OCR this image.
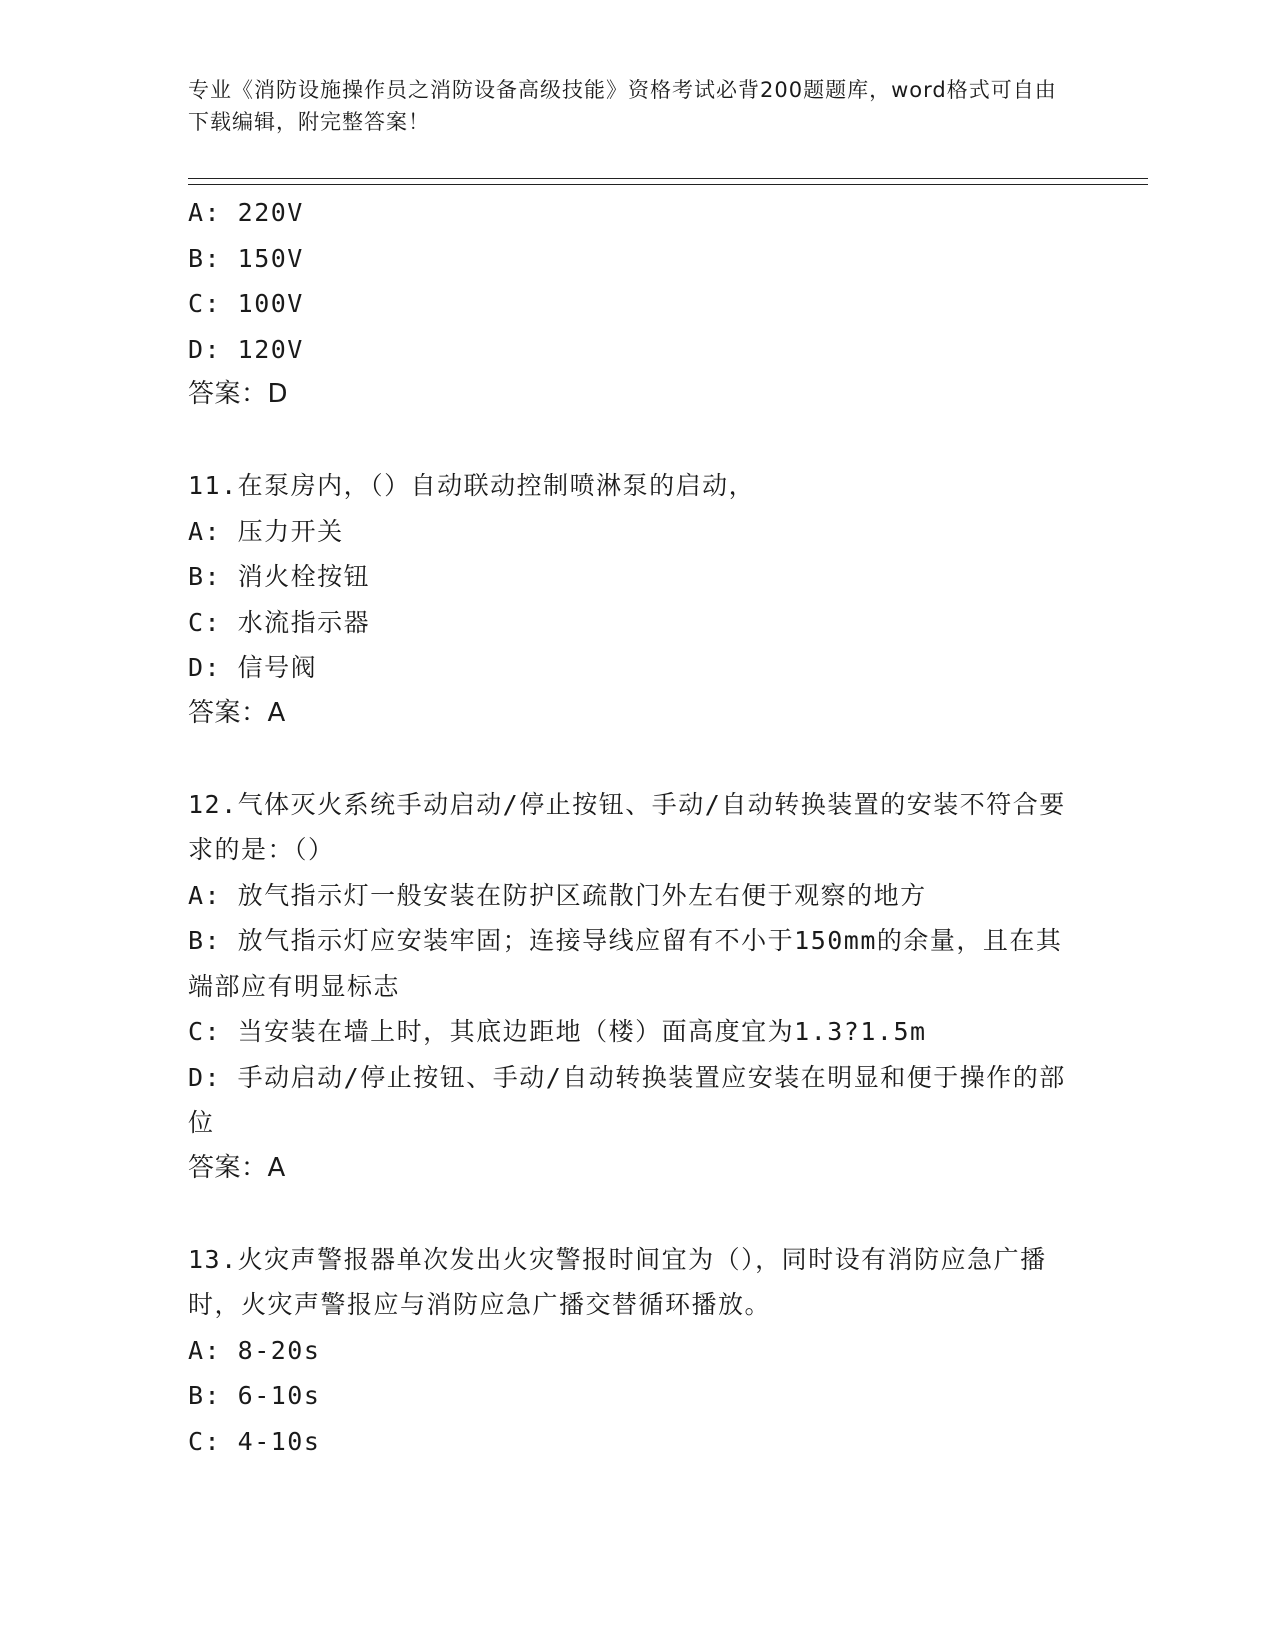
专业《消防设施操作员之消防设备高级技能》资格考试必背200题题库，word格式可自由下载编辑，附完整答案！
A: 220V
B: 150V
C: 100V
D: 120V
答案：D
11.在泵房内，（）自动联动控制喷淋泵的启动，
A: 压力开关
B: 消火栓按钮
C: 水流指示器
D: 信号阀
答案：A
12.气体灭火系统手动启动/停止按钮、手动/自动转换装置的安装不符合要求的是：（）
A: 放气指示灯一般安装在防护区疏散门外左右便于观察的地方
B: 放气指示灯应安装牢固；连接导线应留有不小于150mm的余量，且在其端部应有明显标志
C: 当安装在墙上时，其底边距地（楼）面高度宜为1.3?1.5m
D: 手动启动/停止按钮、手动/自动转换装置应安装在明显和便于操作的部位
答案：A
13.火灾声警报器单次发出火灾警报时间宜为（），同时设有消防应急广播时，火灾声警报应与消防应急广播交替循环播放。
A: 8-20s
B: 6-10s
C: 4-10s
